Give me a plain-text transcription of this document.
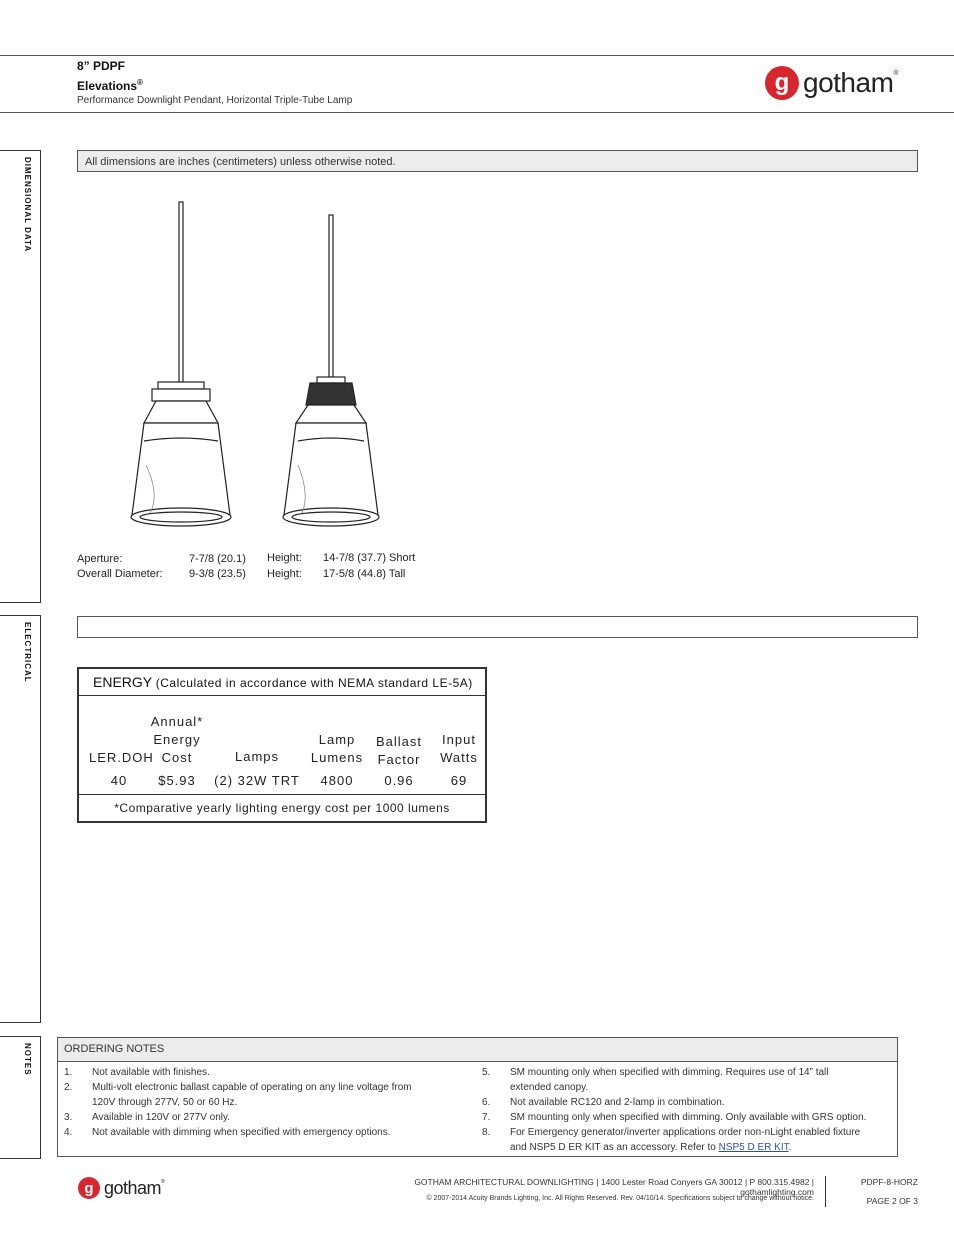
8” PDPF
Elevations®
Performance Downlight Pendant, Horizontal Triple-Tube Lamp
g gotham®
DIMENSIONAL DATA
ELECTRICAL
NOTES
All dimensions are inches (centimeters) unless otherwise noted.
Aperture:	7-7/8 (20.1)
Overall Diameter: 9-3/8 (23.5)
Height: 14-7/8 (37.7) Short
Height: 17-5/8 (44.8) Tall
ENERGY (Calculated in accordance with NEMA standard LE-5A)
LER.DOH
40
Annual*
Energy
Cost
$5.93
Lamps
(2) 32W TRT
Lamp
Lumens
4800
Ballast
Factor
0.96
Input
Watts
69
*Comparative yearly lighting energy cost per 1000 lumens
ORDERING NOTES
1. Not available with finishes.
2. Multi-volt electronic ballast capable of operating on any line voltage from
120V through 277V, 50 or 60 Hz.
3. Available in 120V or 277V only.
4. Not available with dimming when specified with emergency options.
5. SM mounting only when specified with dimming. Requires use of 14” tall
extended canopy.
6. Not available RC120 and 2-lamp in combination.
7. SM mounting only when specified with dimming. Only available with GRS option.
8. For Emergency generator/inverter applications order non-nLight enabled fixture
and NSP5 D ER KIT as an accessory. Refer to NSP5 D ER KIT.
g gotham®	GOTHAM ARCHITECTURAL DOWNLIGHTING | 1400 Lester Road Conyers GA 30012 | P 800.315.4982 | gothamlighting.com
© 2007-2014 Acuity Brands Lighting, Inc. All Rights Reserved. Rev. 04/10/14. Specifications subject to change without notice.
PDPF-8-HORZ
PAGE 2 OF 3
